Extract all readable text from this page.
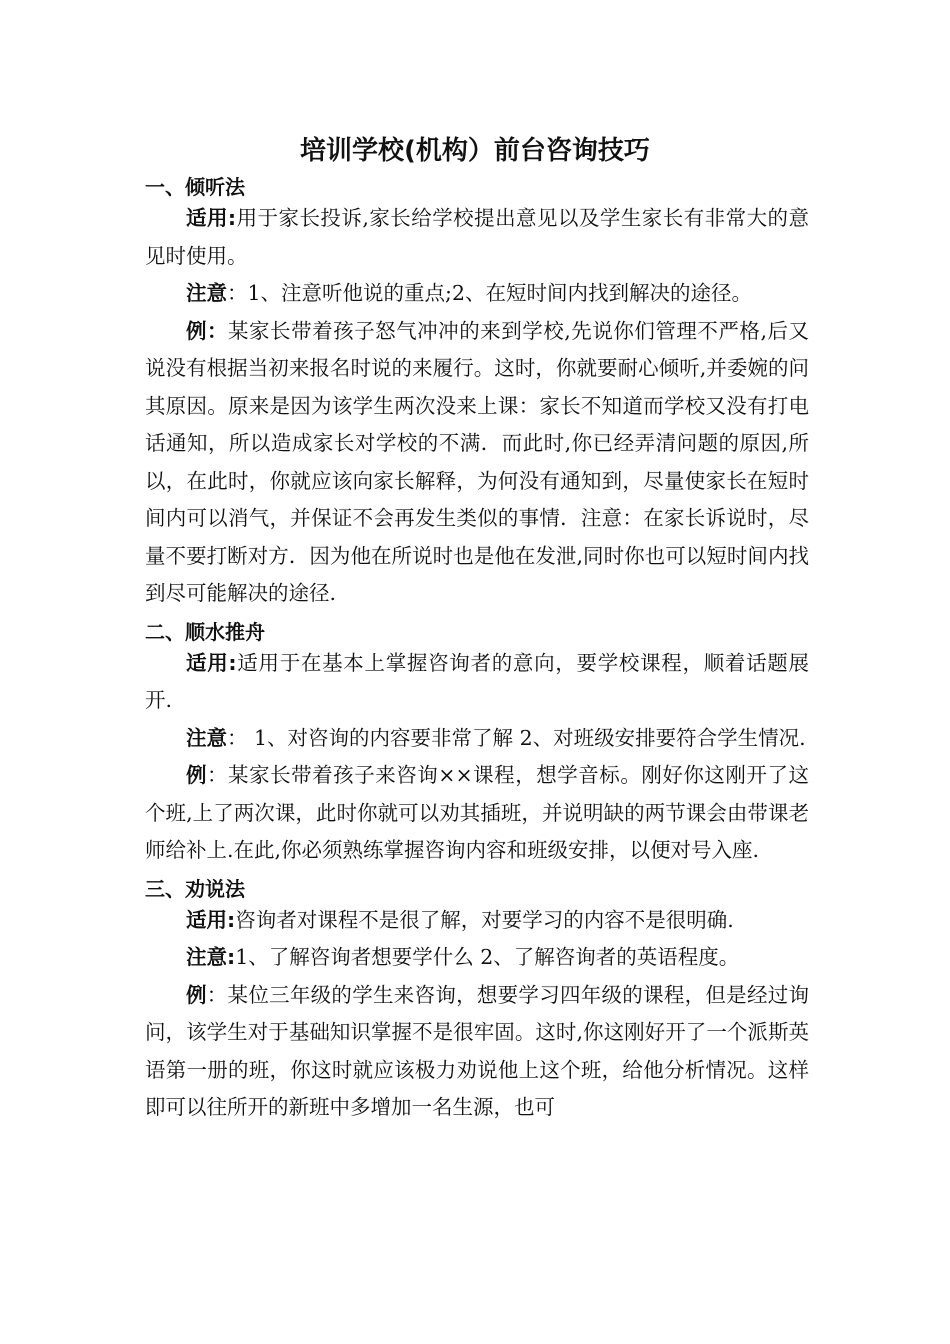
培训学校(机构）前台咨询技巧
一、倾听法

适用:用于家长投诉,家长给学校提出意见以及学生家长有非常大的意见时使用。

注意：1、注意听他说的重点;2、在短时间内找到解决的途径。

例：某家长带着孩子怒气冲冲的来到学校,先说你们管理不严格,后又说没有根据当初来报名时说的来履行。这时，你就要耐心倾听,并委婉的问其原因。原来是因为该学生两次没来上课：家长不知道而学校又没有打电话通知，所以造成家长对学校的不满．而此时,你已经弄清问题的原因,所以，在此时，你就应该向家长解释，为何没有通知到，尽量使家长在短时间内可以消气，并保证不会再发生类似的事情．注意：在家长诉说时，尽量不要打断对方．因为他在所说时也是他在发泄,同时你也可以短时间内找到尽可能解决的途径.

二、顺水推舟

适用:适用于在基本上掌握咨询者的意向，要学校课程，顺着话题展开.

注意： 1、对咨询的内容要非常了解 2、对班级安排要符合学生情况.

例：某家长带着孩子来咨询××课程，想学音标。刚好你这刚开了这个班,上了两次课，此时你就可以劝其插班，并说明缺的两节课会由带课老师给补上.在此,你必须熟练掌握咨询内容和班级安排，以便对号入座.

三、劝说法

适用:咨询者对课程不是很了解，对要学习的内容不是很明确.

注意:1、了解咨询者想要学什么 2、了解咨询者的英语程度。

例：某位三年级的学生来咨询，想要学习四年级的课程，但是经过询问，该学生对于基础知识掌握不是很牢固。这时,你这刚好开了一个派斯英语第一册的班，你这时就应该极力劝说他上这个班，给他分析情况。这样即可以往所开的新班中多增加一名生源，也可
